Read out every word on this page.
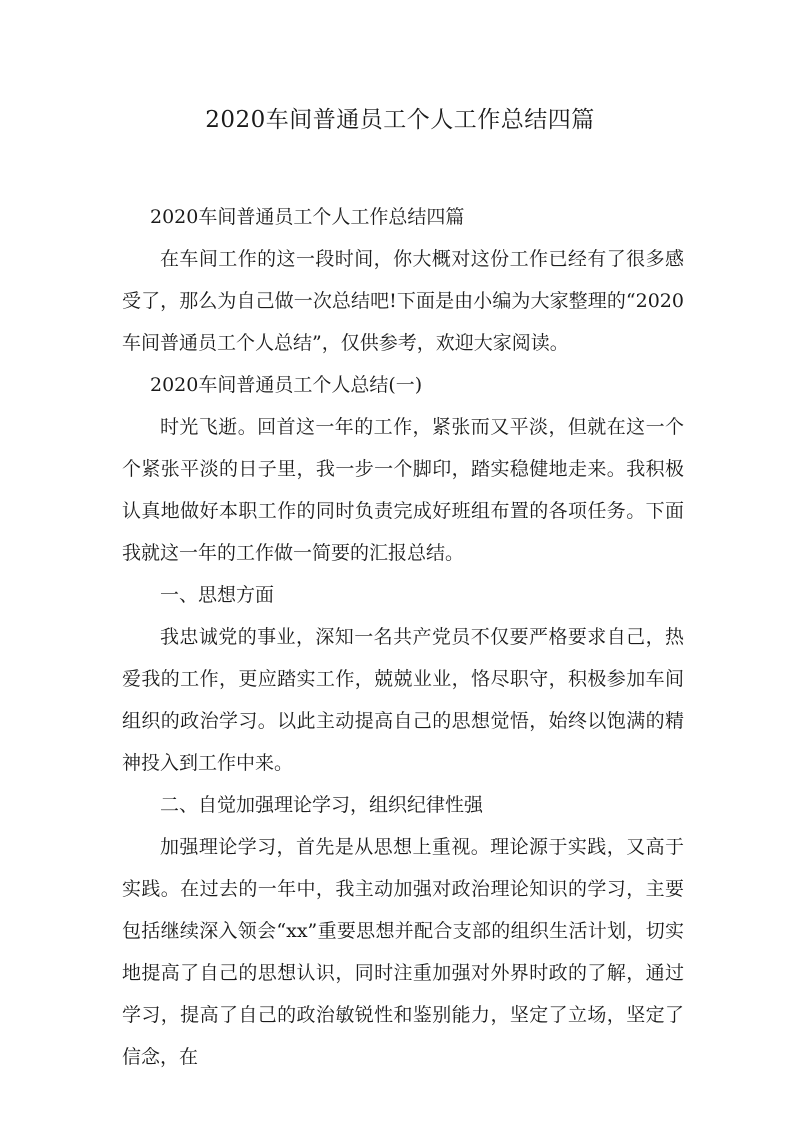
2020车间普通员工个人工作总结四篇

2020车间普通员工个人工作总结四篇

在车间工作的这一段时间，你大概对这份工作已经有了很多感受了，那么为自己做一次总结吧!下面是由小编为大家整理的“2020车间普通员工个人总结”，仅供参考，欢迎大家阅读。

2020车间普通员工个人总结(一)

时光飞逝。回首这一年的工作，紧张而又平淡，但就在这一个个紧张平淡的日子里，我一步一个脚印，踏实稳健地走来。我积极认真地做好本职工作的同时负责完成好班组布置的各项任务。下面我就这一年的工作做一简要的汇报总结。

一、思想方面

我忠诚党的事业，深知一名共产党员不仅要严格要求自己，热爱我的工作，更应踏实工作，兢兢业业，恪尽职守，积极参加车间组织的政治学习。以此主动提高自己的思想觉悟，始终以饱满的精神投入到工作中来。

二、自觉加强理论学习，组织纪律性强

加强理论学习，首先是从思想上重视。理论源于实践，又高于实践。在过去的一年中，我主动加强对政治理论知识的学习，主要包括继续深入领会“xx”重要思想并配合支部的组织生活计划，切实地提高了自己的思想认识，同时注重加强对外界时政的了解，通过学习，提高了自己的政治敏锐性和鉴别能力，坚定了立场，坚定了信念，在
